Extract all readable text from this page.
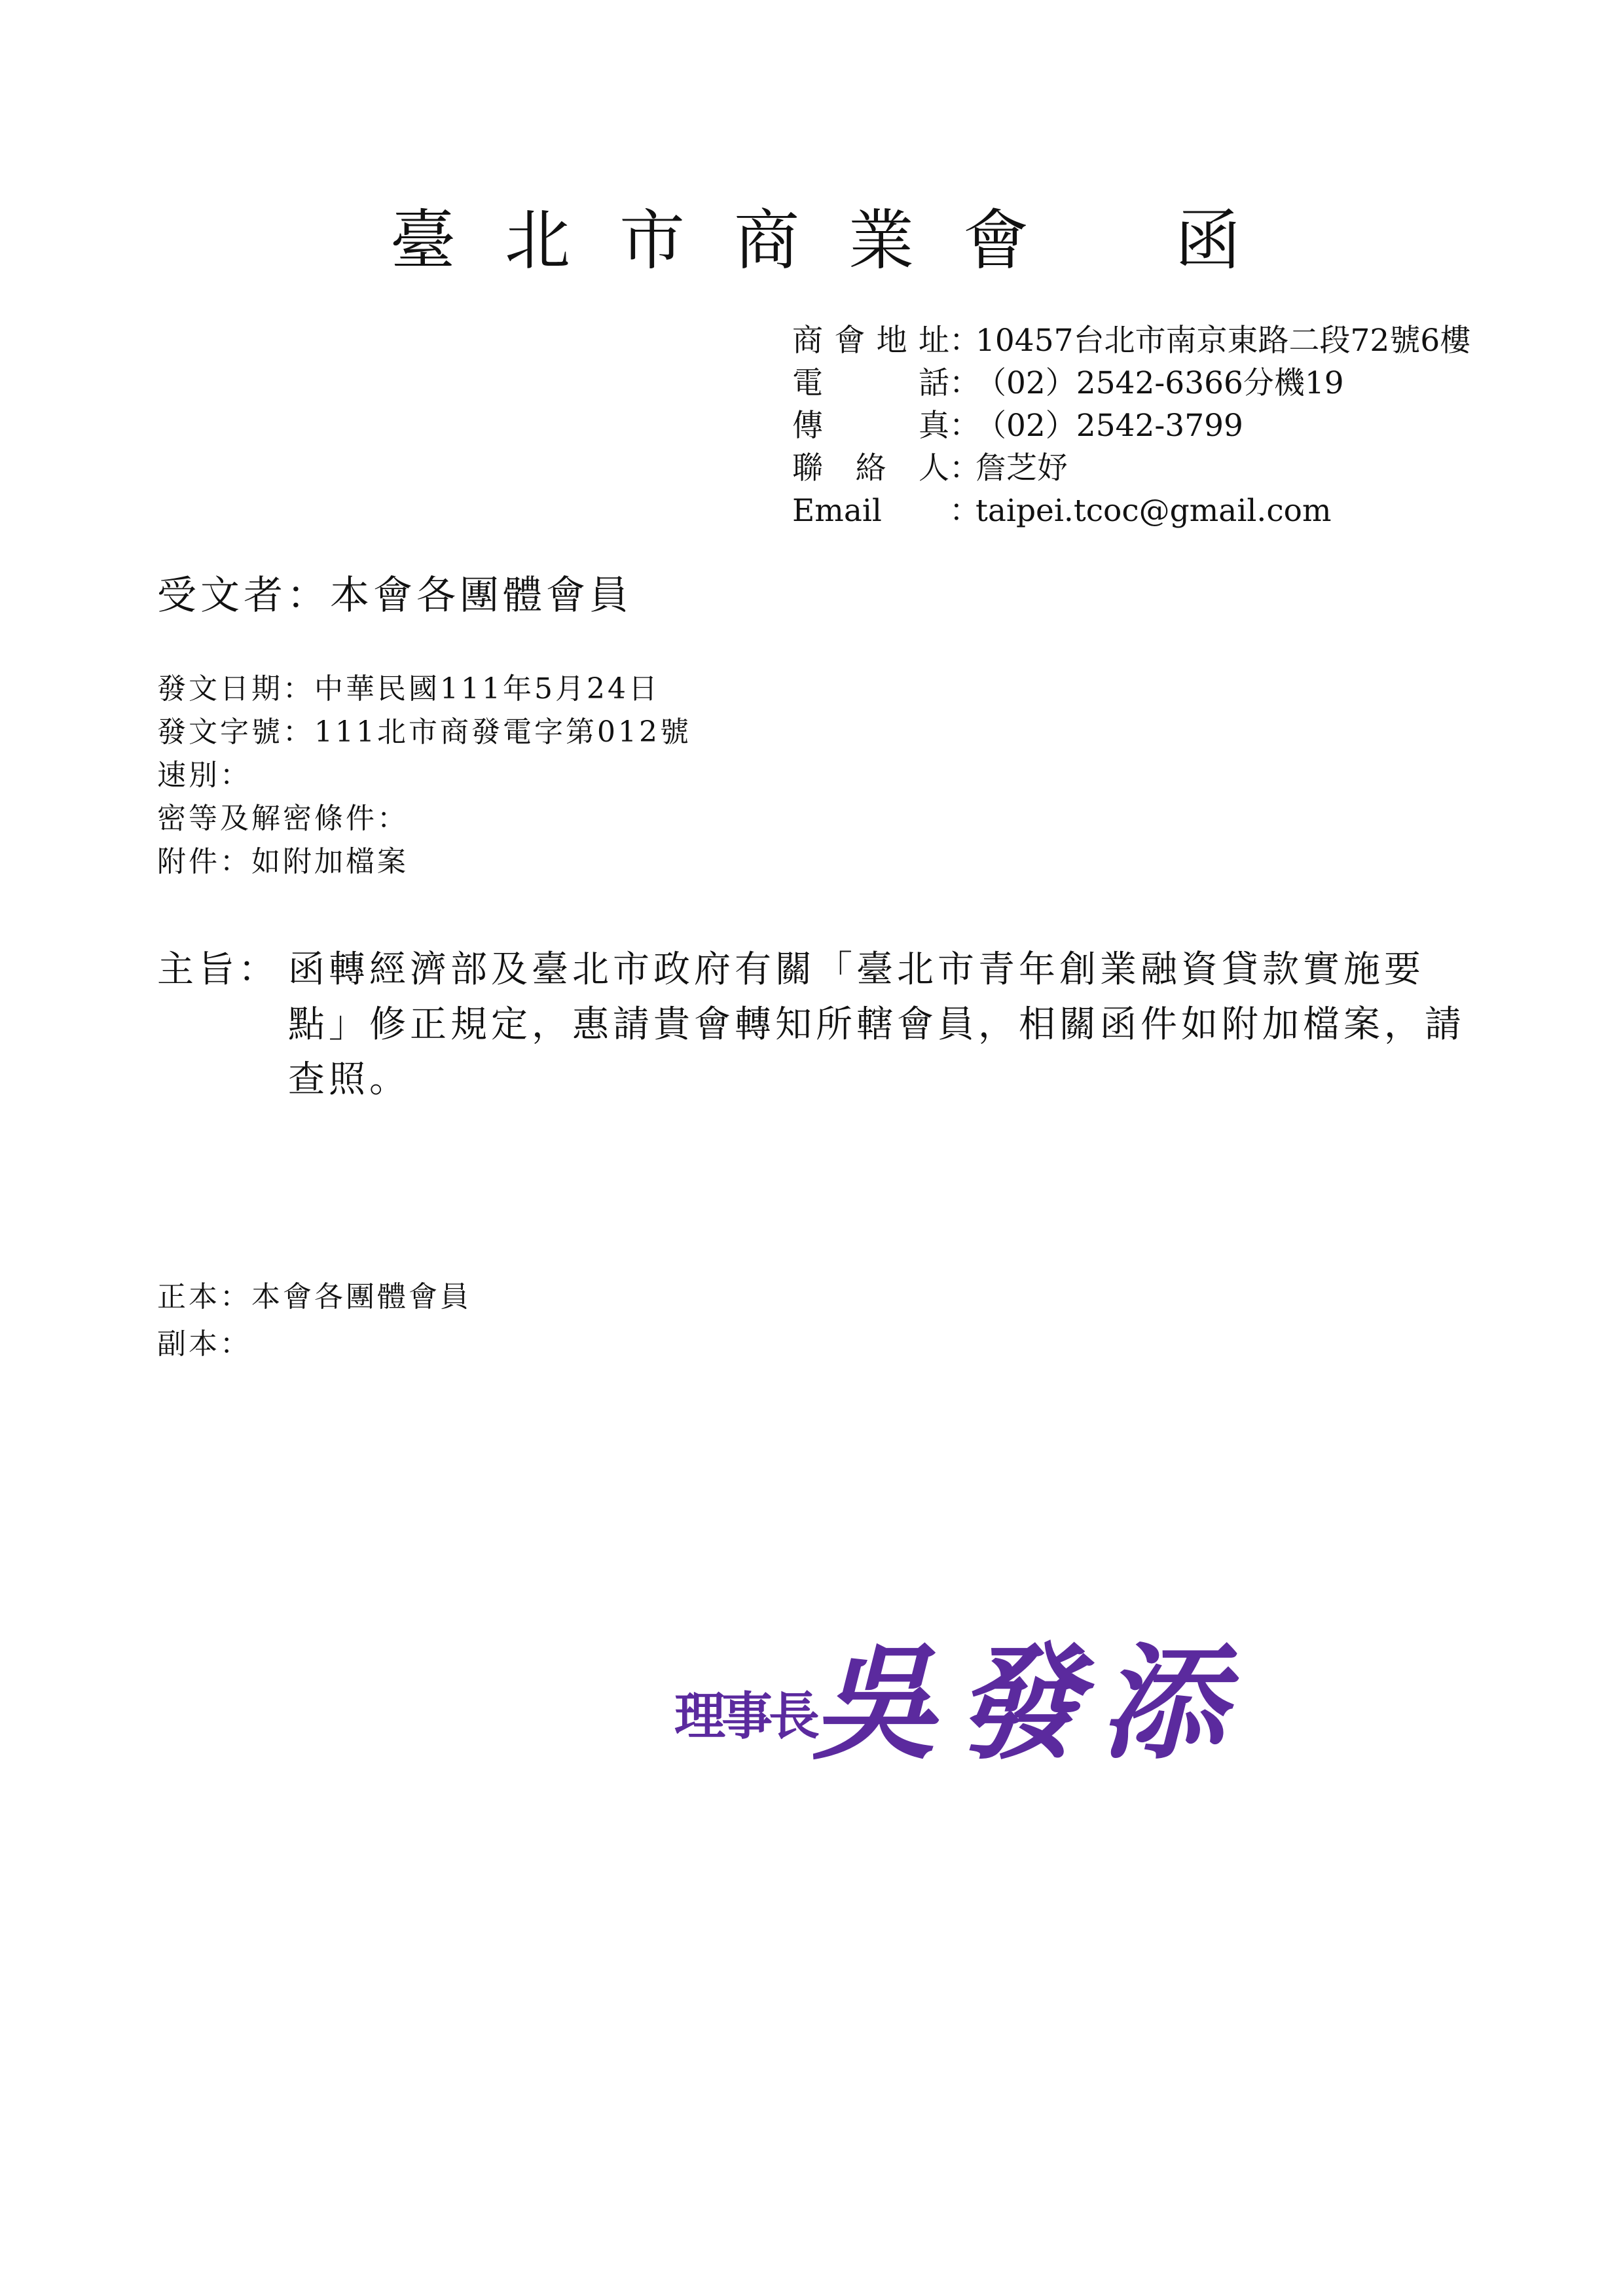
臺北市商業會 函
商會地址 ：
10457台北市南京東路二段72號6樓
電話 ：
（02）2542-6366分機19
傳真 ：
（02）2542-3799
聯絡人 ：
詹芝妤
Email	：
taipei.tcoc@gmail.com
受文者：本會各團體會員
發文日期：中華民國111年5月24日
發文字號：111北市商發電字第012號
速別：
密等及解密條件：
附件：如附加檔案
主旨： 函轉經濟部及臺北市政府有關「臺北市青年創業融資貸款實施要點」修正規定，惠請貴會轉知所轄會員，相關函件如附加檔案，請查照。
正本：本會各團體會員
副本：
理事長
吳發添
